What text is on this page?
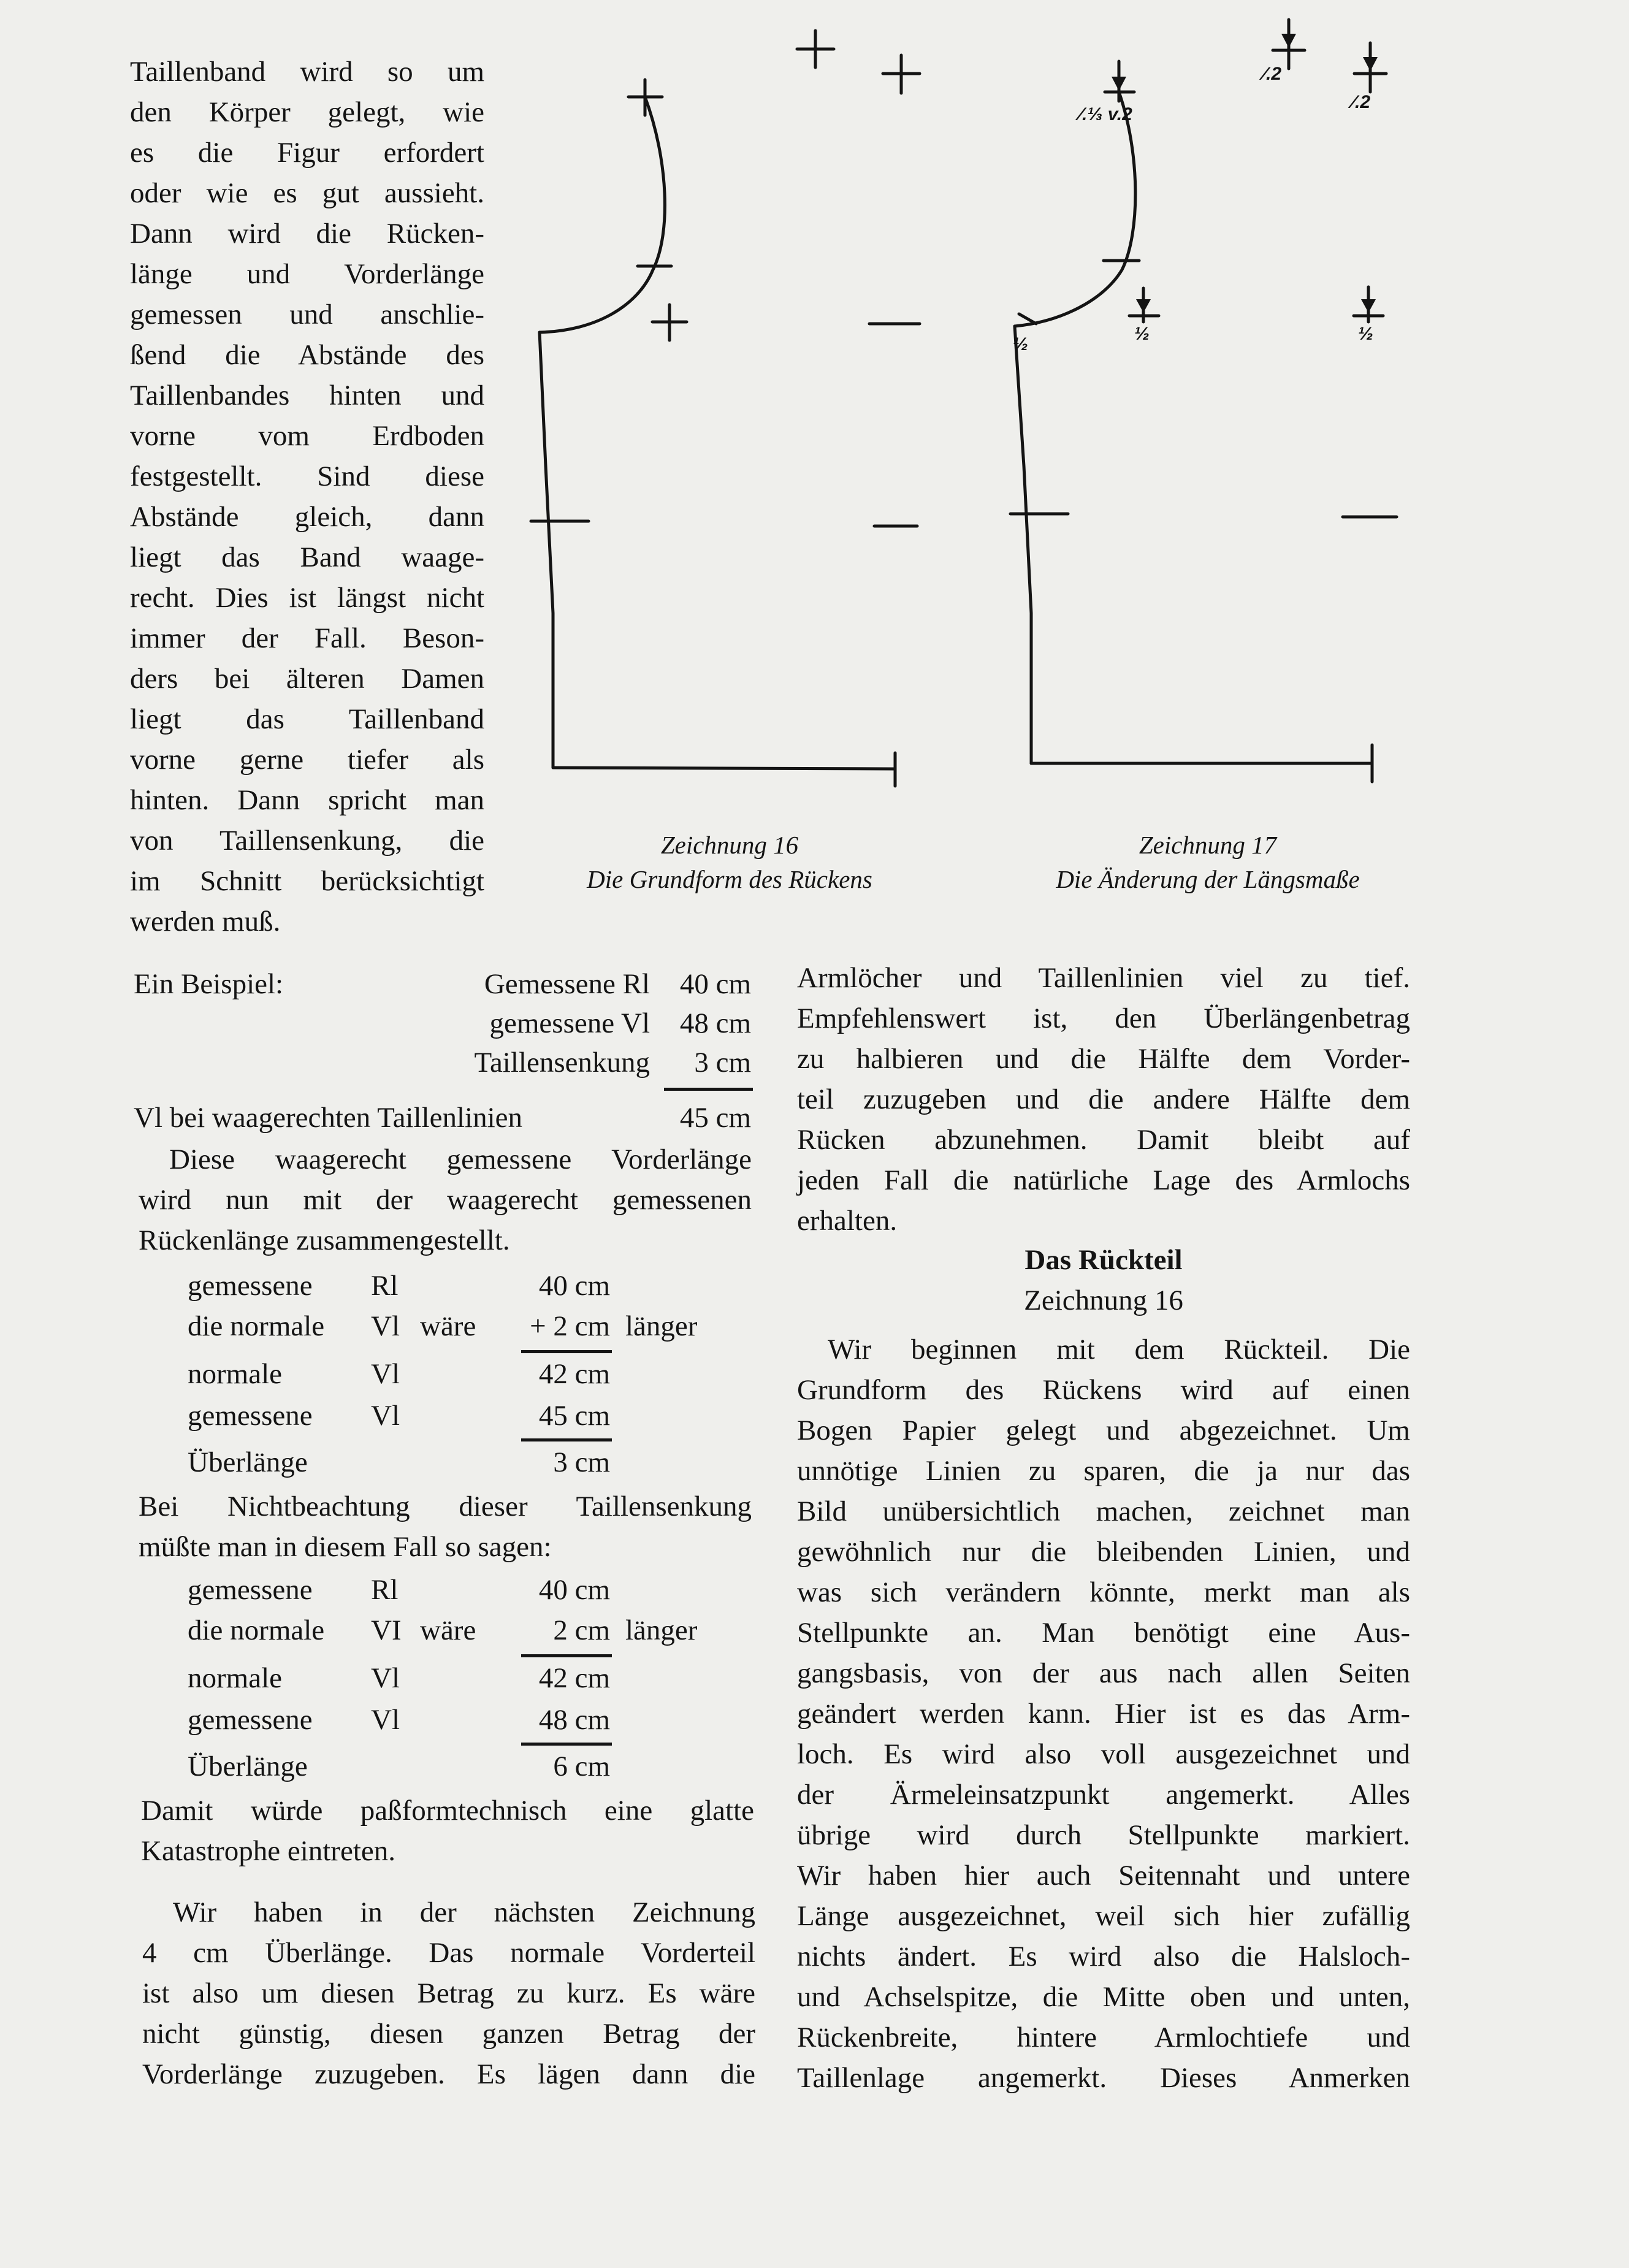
Taillenband wird so um
den Körper gelegt, wie
es die Figur erfordert
oder wie es gut aussieht.
Dann wird die Rücken-
länge und Vorderlänge
gemessen und anschlie-
ßend die Abstände des
Taillenbandes hinten und
vorne vom Erdboden
festgestellt. Sind diese
Abstände gleich, dann
liegt das Band waage-
recht. Dies ist längst nicht
immer der Fall. Beson-
ders bei älteren Damen
liegt das Taillenband
vorne gerne tiefer als
hinten. Dann spricht man
von Taillensenkung, die
im Schnitt berücksichtigt
werden muß.
⁄.⅓ v.2
½
½	½
⁄.2
⁄.2
Zeichnung 16
Die Grundform des Rückens
Zeichnung 17
Die Änderung der Längsmaße
Ein Beispiel:	Gemessene Rl	40 cm
gemessene Vl	48 cm
Taillensenkung	3 cm
Vl bei waagerechten Taillenlinien	45 cm
Diese waagerecht gemessene Vorderlänge
wird nun mit der waagerecht gemessenen
Rückenlänge zusammengestellt.
gemessene Rl	40 cm
die normale Vl wäre	+ 2 cm länger
normale	Vl	42 cm
gemessene Vl	45 cm
Überlänge	3 cm
Bei Nichtbeachtung dieser Taillensenkung
müßte man in diesem Fall so sagen:
gemessene Rl	40 cm
die normale VI wäre	2 cm länger
normale	Vl	42 cm
gemessene Vl	48 cm
Überlänge	6 cm
Damit würde paßformtechnisch eine glatte
Katastrophe eintreten.
Wir haben in der nächsten Zeichnung
4 cm Überlänge. Das normale Vorderteil
ist also um diesen Betrag zu kurz. Es wäre
nicht günstig, diesen ganzen Betrag der
Vorderlänge zuzugeben. Es lägen dann die
Armlöcher und Taillenlinien viel zu tief.
Empfehlenswert ist, den Überlängenbetrag
zu halbieren und die Hälfte dem Vorder-
teil zuzugeben und die andere Hälfte dem
Rücken abzunehmen. Damit bleibt auf
jeden Fall die natürliche Lage des Armlochs
erhalten.
Das Rückteil
Zeichnung 16
Wir beginnen mit dem Rückteil. Die
Grundform des Rückens wird auf einen
Bogen Papier gelegt und abgezeichnet. Um
unnötige Linien zu sparen, die ja nur das
Bild unübersichtlich machen, zeichnet man
gewöhnlich nur die bleibenden Linien, und
was sich verändern könnte, merkt man als
Stellpunkte an. Man benötigt eine Aus-
gangsbasis, von der aus nach allen Seiten
geändert werden kann. Hier ist es das Arm-
loch. Es wird also voll ausgezeichnet und
der Ärmeleinsatzpunkt angemerkt. Alles
übrige wird durch Stellpunkte markiert.
Wir haben hier auch Seitennaht und untere
Länge ausgezeichnet, weil sich hier zufällig
nichts ändert. Es wird also die Halsloch-
und Achselspitze, die Mitte oben und unten,
Rückenbreite, hintere Armlochtiefe und
Taillenlage angemerkt. Dieses Anmerken
